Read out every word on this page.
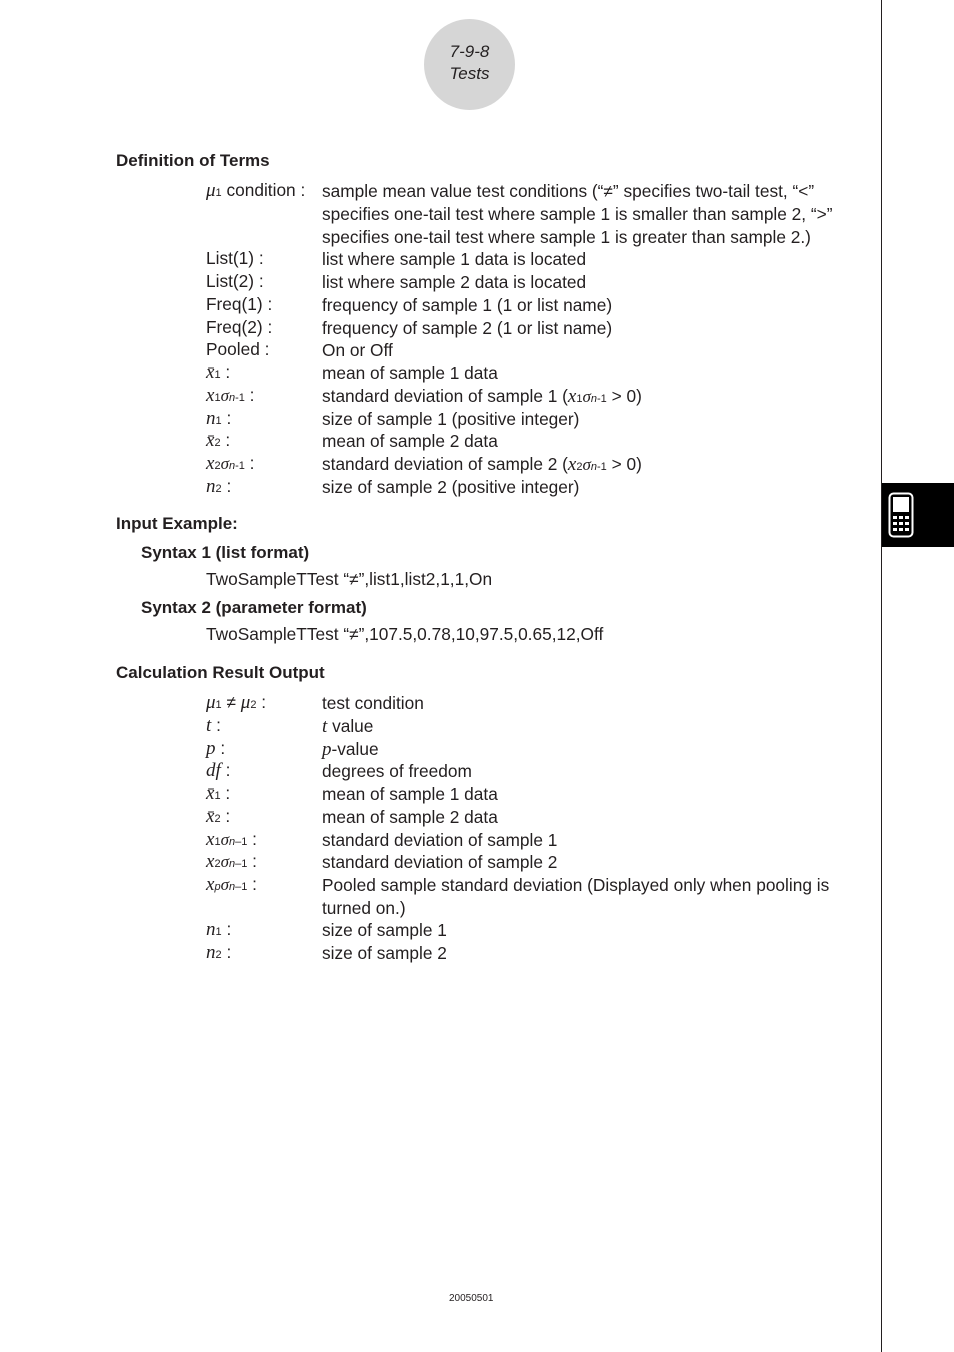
7-9-8
Tests
Definition of Terms
μ1 condition : sample mean value test conditions (“≠” specifies two-tail test, “<” specifies one-tail test where sample 1 is smaller than sample 2, “>” specifies one-tail test where sample 1 is greater than sample 2.)
List(1) :	list where sample 1 data is located
List(2) :	list where sample 2 data is located
Freq(1) :	frequency of sample 1 (1 or list name)
Freq(2) :	frequency of sample 2 (1 or list name)
Pooled :	On or Off
x̄1 :	mean of sample 1 data
x1σn-1 :	standard deviation of sample 1 (x1σn-1 > 0)
n1 :	size of sample 1 (positive integer)
x̄2 :	mean of sample 2 data
x2σn-1 :	standard deviation of sample 2 (x2σn-1 > 0)
n2 :	size of sample 2 (positive integer)
Input Example:
Syntax 1 (list format)
TwoSampleTTest “≠”,list1,list2,1,1,On
Syntax 2 (parameter format)
TwoSampleTTest “≠”,107.5,0.78,10,97.5,0.65,12,Off
Calculation Result Output
μ1 ≠ μ2 :	test condition
t :	t value
p :	p-value
df :	degrees of freedom
x̄1 :	mean of sample 1 data
x̄2 :	mean of sample 2 data
x1σn–1 :	standard deviation of sample 1
x2σn–1 :	standard deviation of sample 2
xpσn–1 :	Pooled sample standard deviation (Displayed only when pooling is turned on.)
n1 :	size of sample 1
n2 :	size of sample 2
20050501
